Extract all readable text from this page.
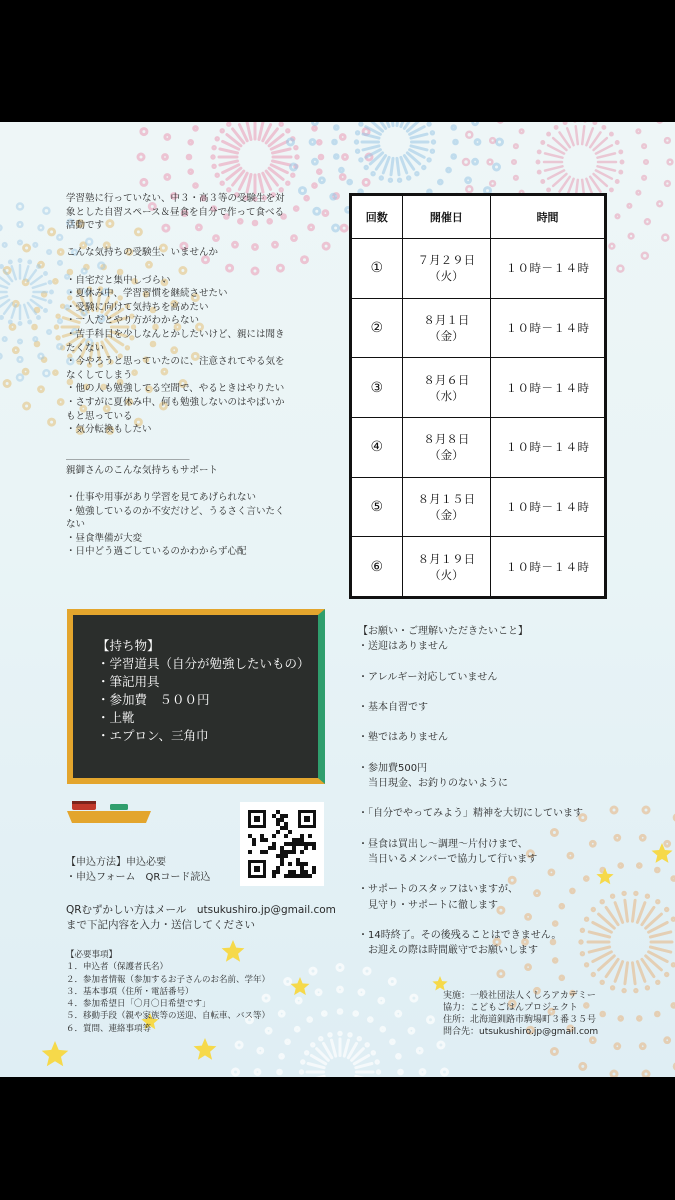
学習塾に行っていない、中３・高３等の受験生を対
象とした自習スペース＆昼食を自分で作って食べる
活動です

こんな気持ちの受験生、いませんか

・自宅だと集中しづらい
・夏休み中、学習習慣を継続させたい
・受験に向けて気持ちを高めたい
・一人だとやり方がわからない
・苦手科目を少しなんとかしたいけど、親には聞き
たくない
・今やろうと思っていたのに、注意されてやる気を
なくしてしまう
・他の人も勉強してる空間で、やるときはやりたい
・さすがに夏休み中、何も勉強しないのはやばいか
もと思っている
・気分転換もしたい

＿＿＿＿＿＿＿＿＿＿＿＿＿
親御さんのこんな気持ちもサポート

・仕事や用事があり学習を見てあげられない
・勉強しているのか不安だけど、うるさく言いたく
ない
・昼食準備が大変
・日中どう過ごしているのかわからず心配
回数	開催日	時間
①	７月２９日
（火）	１０時－１４時
②	８月１日
（金）	１０時－１４時
③	８月６日
（水）	１０時－１４時
④	８月８日
（金）	１０時－１４時
⑤	８月１５日
（金）	１０時－１４時
⑥	８月１９日
（火）	１０時－１４時
【持ち物】
・学習道具（自分が勉強したいもの）
・筆記用具
・参加費　５００円
・上靴
・エプロン、三角巾
【申込方法】申込必要
・申込フォーム　QRコード読込
QRむずかしい方はメール　utsukushiro.jp@gmail.com
まで下記内容を入力・送信してください
【必要事項】
１．申込者（保護者氏名）
２．参加者情報（参加するお子さんのお名前、学年）
３．基本事項（住所・電話番号）
４．参加希望日「〇月〇日希望です」
５．移動手段（親や家族等の送迎、自転車、バス等）
６．質問、連絡事項等
【お願い・ご理解いただきたいこと】
・送迎はありません

・アレルギー対応していません

・基本自習です

・塾ではありません

・参加費500円
　当日現金、お釣りのないように

・「自分でやってみよう」精神を大切にしています

・昼食は買出し～調理～片付けまで、
　当日いるメンバーで協力して行います

・サポートのスタッフはいますが、
　見守り・サポートに徹します

・14時終了。その後残ることはできません。
　お迎えの際は時間厳守でお願いします
実施：一般社団法人くしろアカデミー
協力：こどもごはんプロジェクト
住所：北海道釧路市駒場町３番３５号
問合先：utsukushiro.jp@gmail.com
